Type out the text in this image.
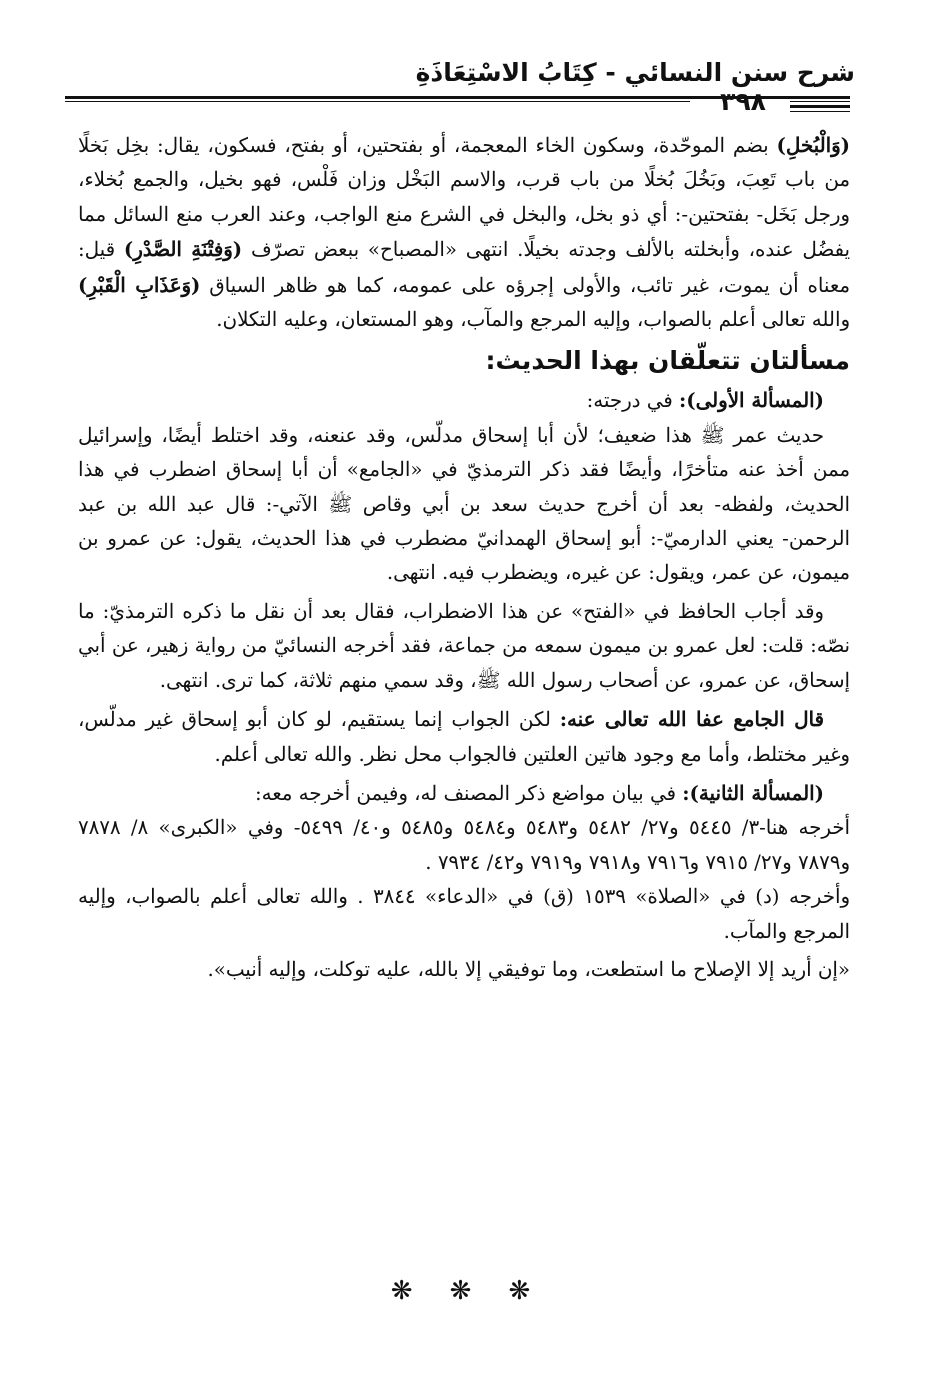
شرح سنن النسائي - كِتَابُ الاسْتِعَاذَةِ
٣٩٨

(وَالْبُخلِ) بضم الموحّدة، وسكون الخاء المعجمة، أو بفتحتين، أو بفتح، فسكون، يقال: بخِل بَخلًا من باب تَعِبَ، وبَخُلَ بُخلًا من باب قرب، والاسم البَخْل وزان فَلْس، فهو بخيل، والجمع بُخلاء، ورجل بَخَل- بفتحتين-: أي ذو بخل، والبخل في الشرع منع الواجب، وعند العرب منع السائل مما يفضُل عنده، وأبخلته بالألف وجدته بخيلًا. انتهى «المصباح» ببعض تصرّف (وَفِتْنَةِ الصَّدْرِ) قيل: معناه أن يموت، غير تائب، والأولى إجرؤه على عمومه، كما هو ظاهر السياق (وَعَذَابِ الْقَبْرِ) والله تعالى أعلم بالصواب، وإليه المرجع والمآب، وهو المستعان، وعليه التكلان.

مسألتان تتعلّقان بهذا الحديث:

(المسألة الأولى): في درجته:

حديث عمر ﷺ هذا ضعيف؛ لأن أبا إسحاق مدلّس، وقد عنعنه، وقد اختلط أيضًا، وإسرائيل ممن أخذ عنه متأخرًا، وأيضًا فقد ذكر الترمذيّ في «الجامع» أن أبا إسحاق اضطرب في هذا الحديث، ولفظه- بعد أن أخرج حديث سعد بن أبي وقاص ﷺ الآتي-: قال عبد الله بن عبد الرحمن- يعني الدارميّ-: أبو إسحاق الهمدانيّ مضطرب في هذا الحديث، يقول: عن عمرو بن ميمون، عن عمر، ويقول: عن غيره، ويضطرب فيه. انتهى.

وقد أجاب الحافظ في «الفتح» عن هذا الاضطراب، فقال بعد أن نقل ما ذكره الترمذيّ: ما نصّه: قلت: لعل عمرو بن ميمون سمعه من جماعة، فقد أخرجه النسائيّ من رواية زهير، عن أبي إسحاق، عن عمرو، عن أصحاب رسول الله ﷺ، وقد سمي منهم ثلاثة، كما ترى. انتهى.

قال الجامع عفا الله تعالى عنه: لكن الجواب إنما يستقيم، لو كان أبو إسحاق غير مدلّس، وغير مختلط، وأما مع وجود هاتين العلتين فالجواب محل نظر. والله تعالى أعلم.

(المسألة الثانية): في بيان مواضع ذكر المصنف له، وفيمن أخرجه معه:

أخرجه هنا-٣/ ٥٤٤٥ و٢٧/ ٥٤٨٢ و٥٤٨٣ و٥٤٨٤ و٥٤٨٥ و٤٠/ ٥٤٩٩- وفي «الكبرى» ٨/ ٧٨٧٨ و٧٨٧٩ و٢٧/ ٧٩١٥ و٧٩١٦ و٧٩١٨ و٧٩١٩ و٤٢/ ٧٩٣٤ .

وأخرجه (د) في «الصلاة» ١٥٣٩ (ق) في «الدعاء» ٣٨٤٤ . والله تعالى أعلم بالصواب، وإليه المرجع والمآب.

«إن أريد إلا الإصلاح ما استطعت، وما توفيقي إلا بالله، عليه توكلت، وإليه أنيب».

❋ ❋ ❋
